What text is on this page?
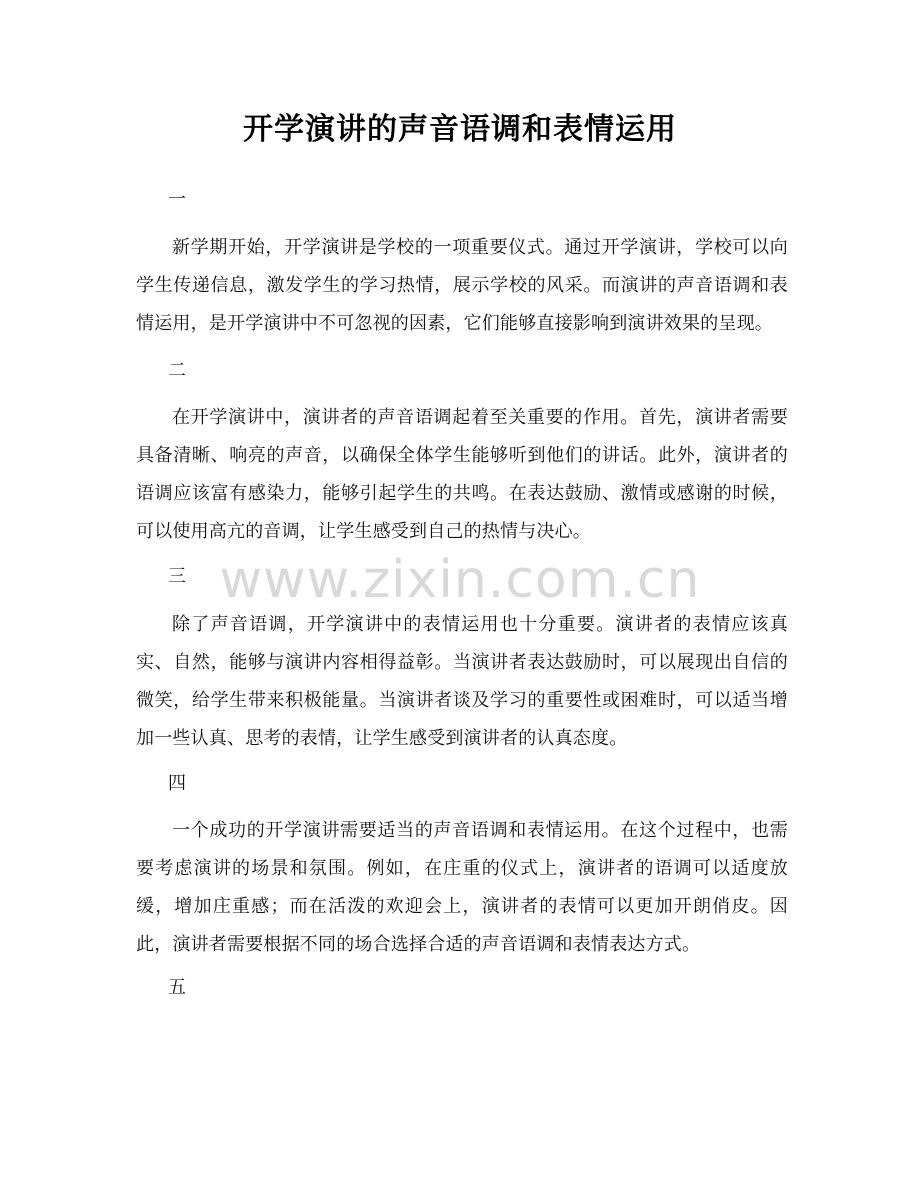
开学演讲的声音语调和表情运用

一

新学期开始，开学演讲是学校的一项重要仪式。通过开学演讲，学校可以向学生传递信息，激发学生的学习热情，展示学校的风采。而演讲的声音语调和表情运用，是开学演讲中不可忽视的因素，它们能够直接影响到演讲效果的呈现。

二

在开学演讲中，演讲者的声音语调起着至关重要的作用。首先，演讲者需要具备清晰、响亮的声音，以确保全体学生能够听到他们的讲话。此外，演讲者的语调应该富有感染力，能够引起学生的共鸣。在表达鼓励、激情或感谢的时候，可以使用高亢的音调，让学生感受到自己的热情与决心。

三

除了声音语调，开学演讲中的表情运用也十分重要。演讲者的表情应该真实、自然，能够与演讲内容相得益彰。当演讲者表达鼓励时，可以展现出自信的微笑，给学生带来积极能量。当演讲者谈及学习的重要性或困难时，可以适当增加一些认真、思考的表情，让学生感受到演讲者的认真态度。

四

一个成功的开学演讲需要适当的声音语调和表情运用。在这个过程中，也需要考虑演讲的场景和氛围。例如，在庄重的仪式上，演讲者的语调可以适度放缓，增加庄重感；而在活泼的欢迎会上，演讲者的表情可以更加开朗俏皮。因此，演讲者需要根据不同的场合选择合适的声音语调和表情表达方式。

五

www.zixin.com.cn
